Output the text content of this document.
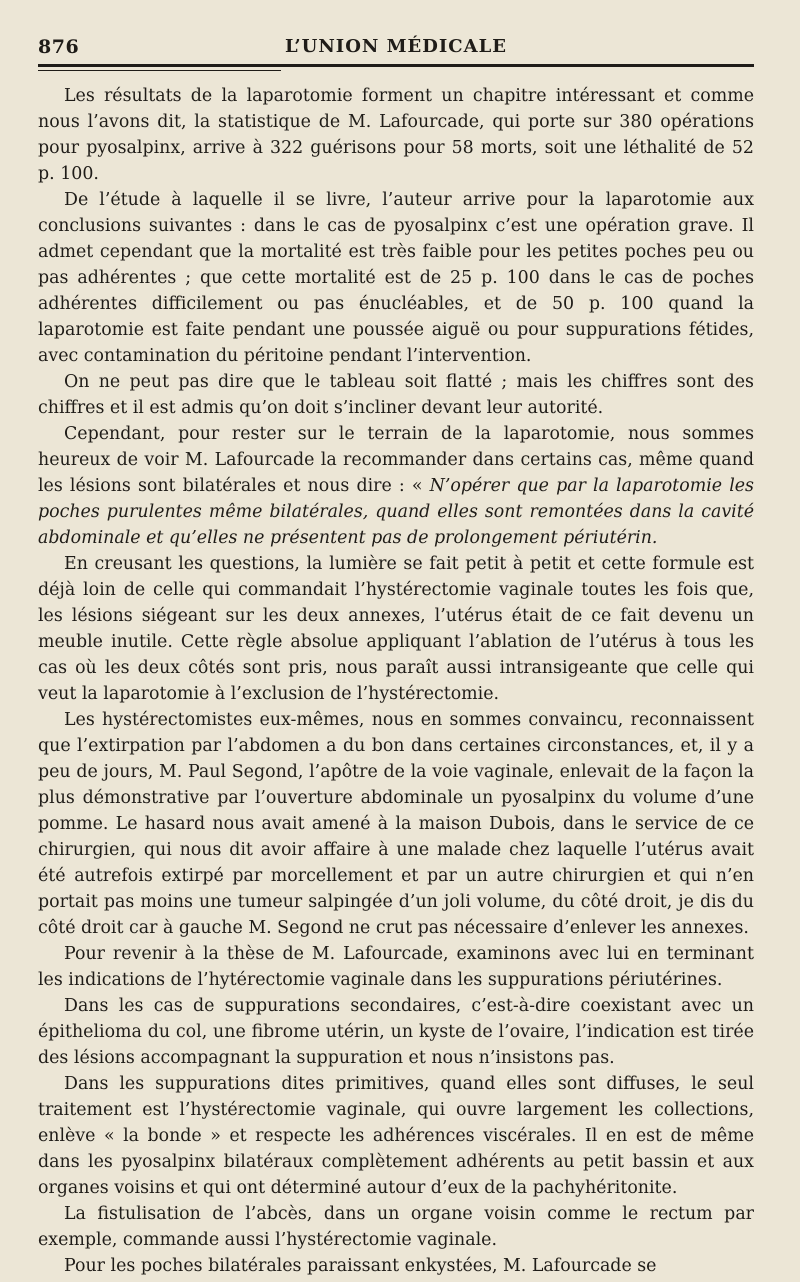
876	L’UNION MÉDICALE

Les résultats de la laparotomie forment un chapitre intéressant et comme nous l’avons dit, la statistique de M. Lafourcade, qui porte sur 380 opérations pour pyosalpinx, arrive à 322 guérisons pour 58 morts, soit une léthalité de 52 p. 100.

De l’étude à laquelle il se livre, l’auteur arrive pour la laparotomie aux conclusions suivantes : dans le cas de pyosalpinx c’est une opération grave. Il admet cependant que la mortalité est très faible pour les petites poches peu ou pas adhérentes ; que cette mortalité est de 25 p. 100 dans le cas de poches adhérentes difficilement ou pas énucléables, et de 50 p. 100 quand la laparotomie est faite pendant une poussée aiguë ou pour suppurations fétides, avec contamination du péritoine pendant l’intervention.

On ne peut pas dire que le tableau soit flatté ; mais les chiffres sont des chiffres et il est admis qu’on doit s’incliner devant leur autorité.

Cependant, pour rester sur le terrain de la laparotomie, nous sommes heureux de voir M. Lafourcade la recommander dans certains cas, même quand les lésions sont bilatérales et nous dire : « N’opérer que par la laparotomie les poches purulentes même bilatérales, quand elles sont remontées dans la cavité abdominale et qu’elles ne présentent pas de prolongement périutérin.

En creusant les questions, la lumière se fait petit à petit et cette formule est déjà loin de celle qui commandait l’hystérectomie vaginale toutes les fois que, les lésions siégeant sur les deux annexes, l’utérus était de ce fait devenu un meuble inutile. Cette règle absolue appliquant l’ablation de l’utérus à tous les cas où les deux côtés sont pris, nous paraît aussi intransigeante que celle qui veut la laparotomie à l’exclusion de l’hystérectomie.

Les hystérectomistes eux-mêmes, nous en sommes convaincu, reconnaissent que l’extirpation par l’abdomen a du bon dans certaines circonstances, et, il y a peu de jours, M. Paul Segond, l’apôtre de la voie vaginale, enlevait de la façon la plus démonstrative par l’ouverture abdominale un pyosalpinx du volume d’une pomme. Le hasard nous avait amené à la maison Dubois, dans le service de ce chirurgien, qui nous dit avoir affaire à une malade chez laquelle l’utérus avait été autrefois extirpé par morcellement et par un autre chirurgien et qui n’en portait pas moins une tumeur salpingée d’un joli volume, du côté droit, je dis du côté droit car à gauche M. Segond ne crut pas nécessaire d’enlever les annexes.

Pour revenir à la thèse de M. Lafourcade, examinons avec lui en terminant les indications de l’hytérectomie vaginale dans les suppurations périutérines.

Dans les cas de suppurations secondaires, c’est-à-dire coexistant avec un épithelioma du col, une fibrome utérin, un kyste de l’ovaire, l’indication est tirée des lésions accompagnant la suppuration et nous n’insistons pas.

Dans les suppurations dites primitives, quand elles sont diffuses, le seul traitement est l’hystérectomie vaginale, qui ouvre largement les collections, enlève « la bonde » et respecte les adhérences viscérales. Il en est de même dans les pyosalpinx bilatéraux complètement adhérents au petit bassin et aux organes voisins et qui ont déterminé autour d’eux de la pachyhéritonite.

La fistulisation de l’abcès, dans un organe voisin comme le rectum par exemple, commande aussi l’hystérectomie vaginale.

Pour les poches bilatérales paraissant enkystées, M. Lafourcade se
